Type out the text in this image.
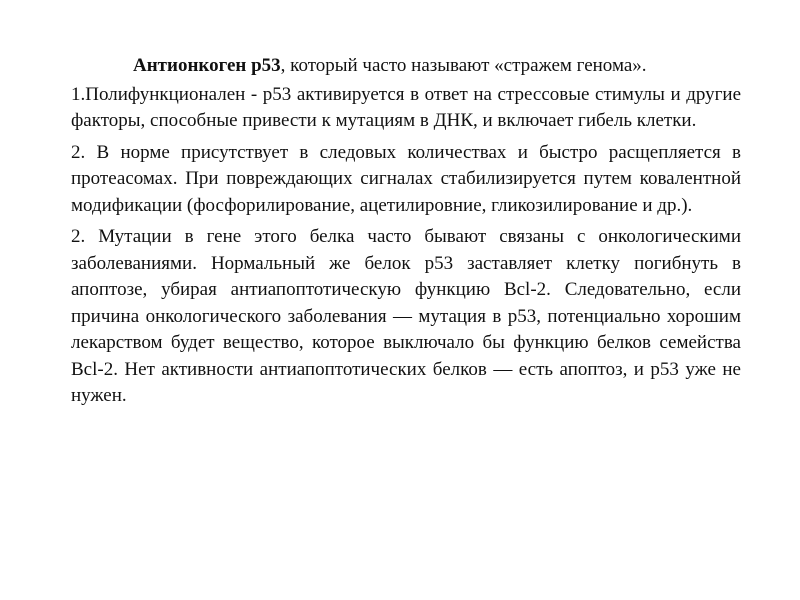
Антионкоген р53, который часто называют «стражем генома».

1.Полифункционален - р53 активируется в ответ на стрессовые стимулы и другие факторы, способные привести к мутациям в ДНК, и включает гибель клетки.

2. В норме присутствует в следовых количествах и быстро расщепляется в протеасомах. При повреждающих сигналах стабилизируется путем ковалентной модификации (фосфорилирование, ацетилировние, гликозилирование и др.).

2. Мутации в гене этого белка часто бывают связаны с онкологическими заболеваниями. Нормальный же белок р53 заставляет клетку погибнуть в апоптозе, убирая антиапоптотическую функцию Bcl-2. Следовательно, если причина онкологического заболевания — мутация в р53, потенциально хорошим лекарством будет вещество, которое выключало бы функцию белков семейства Bcl-2. Нет активности антиапоптотических белков — есть апоптоз, и р53 уже не нужен.
